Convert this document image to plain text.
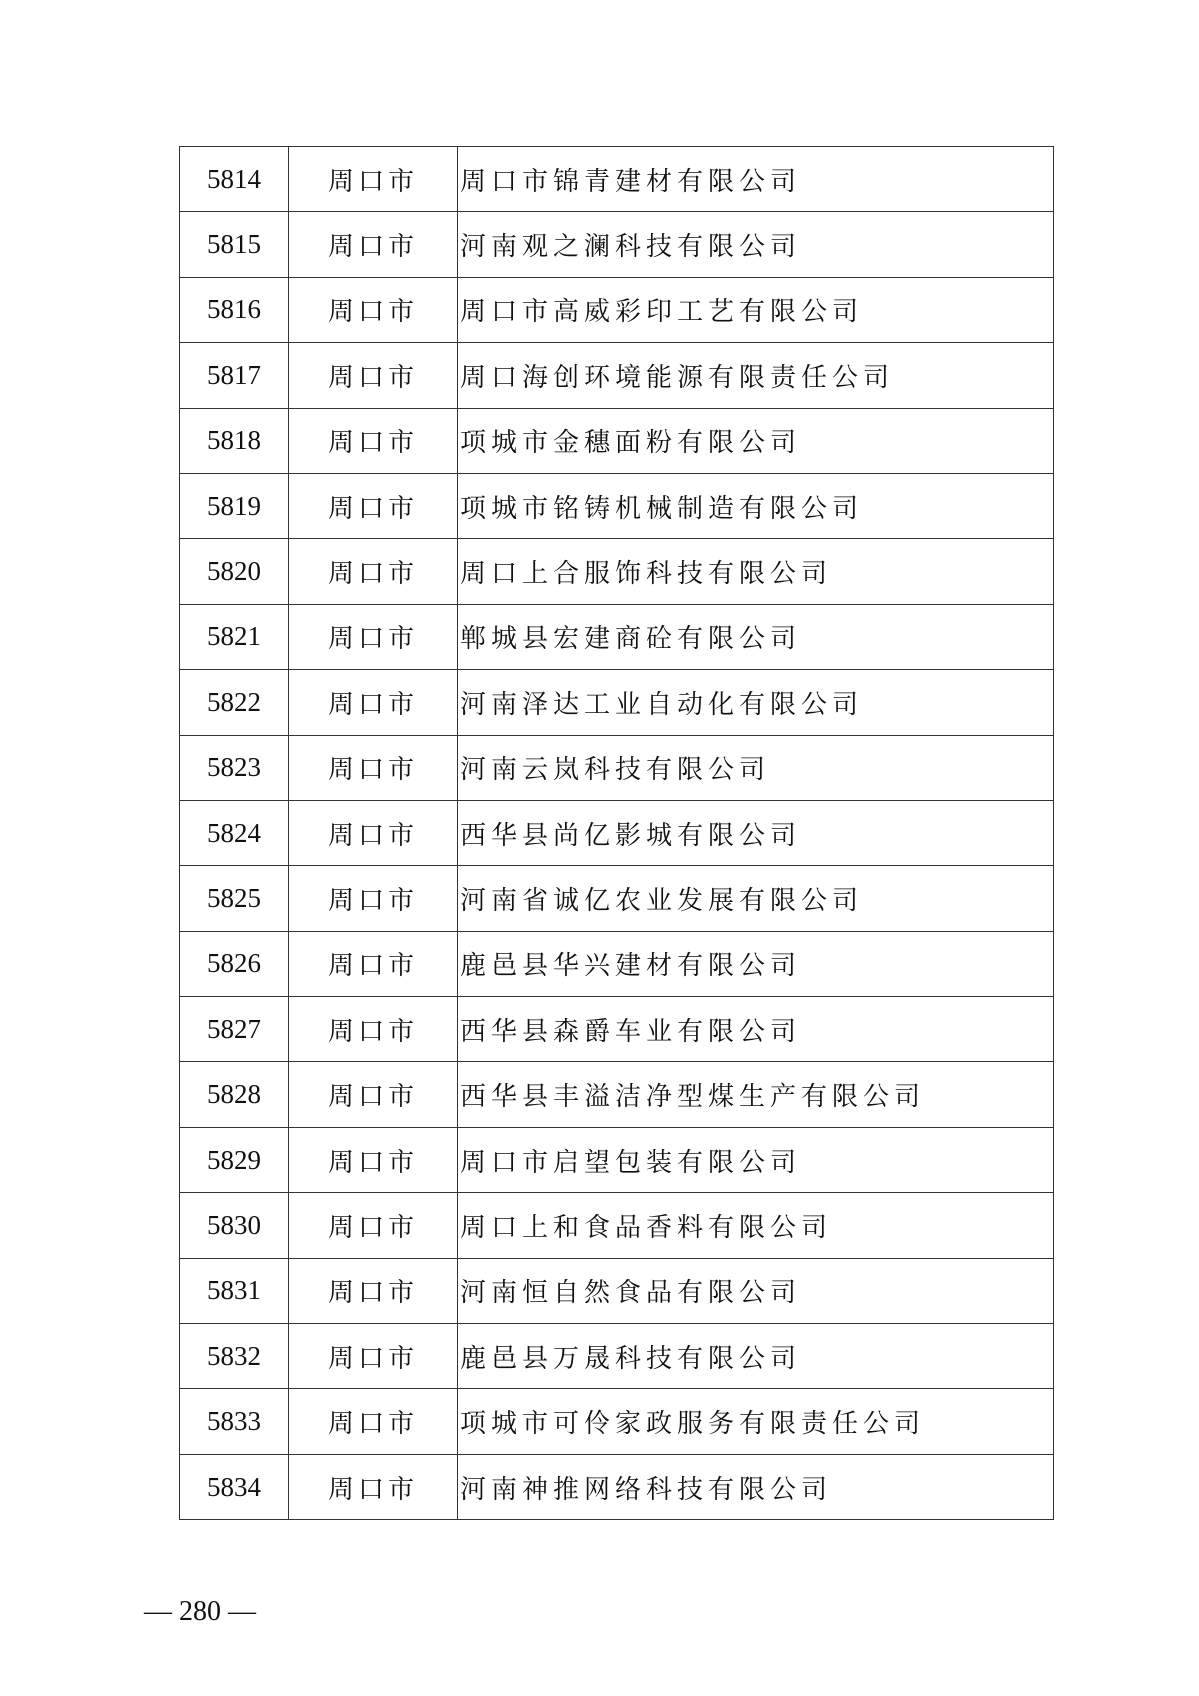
5814	周口市	周口市锦青建材有限公司
5815	周口市	河南观之澜科技有限公司
5816	周口市	周口市高威彩印工艺有限公司
5817	周口市	周口海创环境能源有限责任公司
5818	周口市	项城市金穗面粉有限公司
5819	周口市	项城市铭铸机械制造有限公司
5820	周口市	周口上合服饰科技有限公司
5821	周口市	郸城县宏建商砼有限公司
5822	周口市	河南泽达工业自动化有限公司
5823	周口市	河南云岚科技有限公司
5824	周口市	西华县尚亿影城有限公司
5825	周口市	河南省诚亿农业发展有限公司
5826	周口市	鹿邑县华兴建材有限公司
5827	周口市	西华县森爵车业有限公司
5828	周口市	西华县丰溢洁净型煤生产有限公司
5829	周口市	周口市启望包装有限公司
5830	周口市	周口上和食品香料有限公司
5831	周口市	河南恒自然食品有限公司
5832	周口市	鹿邑县万晟科技有限公司
5833	周口市	项城市可伶家政服务有限责任公司
5834	周口市	河南神推网络科技有限公司
— 280 —
